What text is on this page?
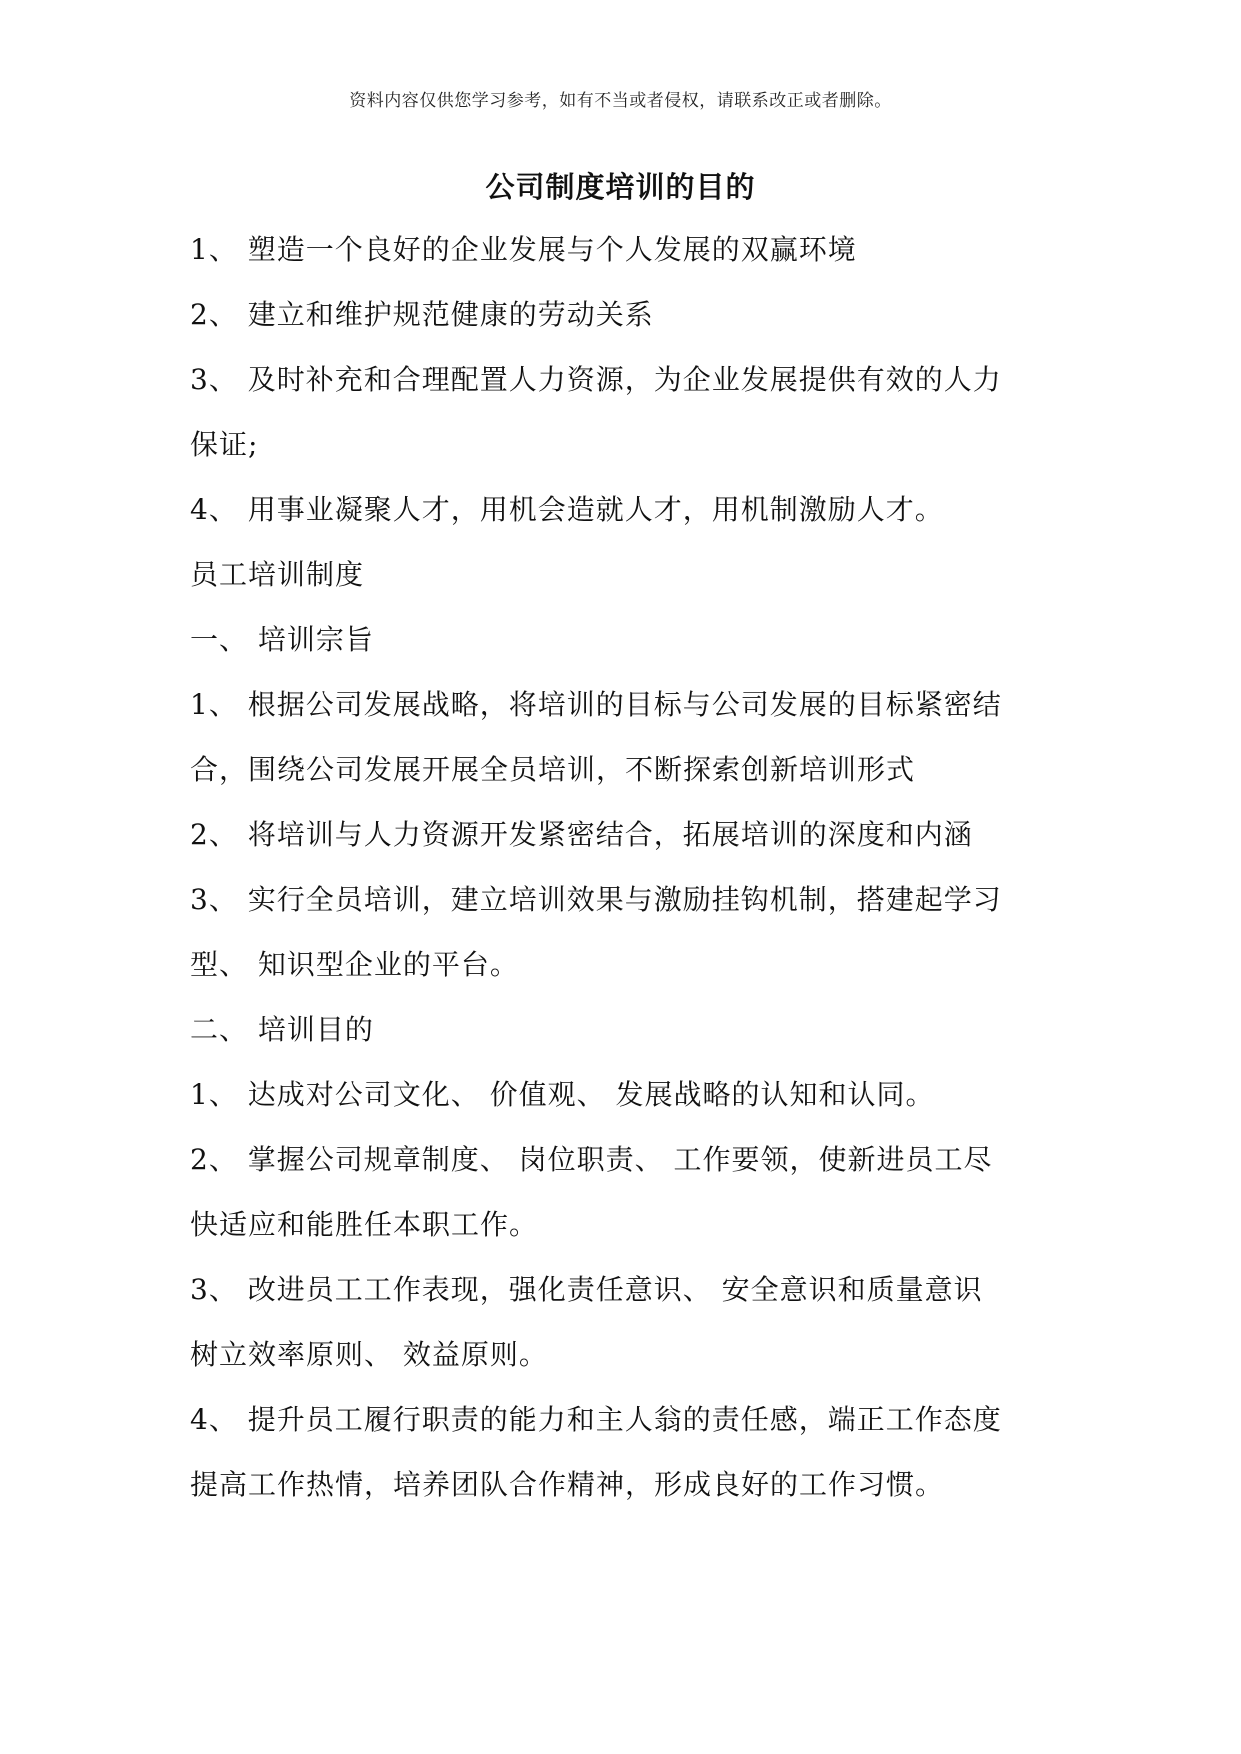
资料内容仅供您学习参考，如有不当或者侵权，请联系改正或者删除。
公司制度培训的目的
1、 塑造一个良好的企业发展与个人发展的双赢环境
2、 建立和维护规范健康的劳动关系
3、 及时补充和合理配置人力资源，为企业发展提供有效的人力
保证;
4、 用事业凝聚人才，用机会造就人才，用机制激励人才。
员工培训制度
一、 培训宗旨
1、 根据公司发展战略，将培训的目标与公司发展的目标紧密结
合，围绕公司发展开展全员培训，不断探索创新培训形式
2、 将培训与人力资源开发紧密结合，拓展培训的深度和内涵
3、 实行全员培训，建立培训效果与激励挂钩机制，搭建起学习
型、 知识型企业的平台。
二、 培训目的
1、 达成对公司文化、 价值观、 发展战略的认知和认同。
2、 掌握公司规章制度、 岗位职责、 工作要领，使新进员工尽
快适应和能胜任本职工作。
3、 改进员工工作表现，强化责任意识、 安全意识和质量意识
树立效率原则、 效益原则。
4、 提升员工履行职责的能力和主人翁的责任感，端正工作态度
提高工作热情，培养团队合作精神，形成良好的工作习惯。
